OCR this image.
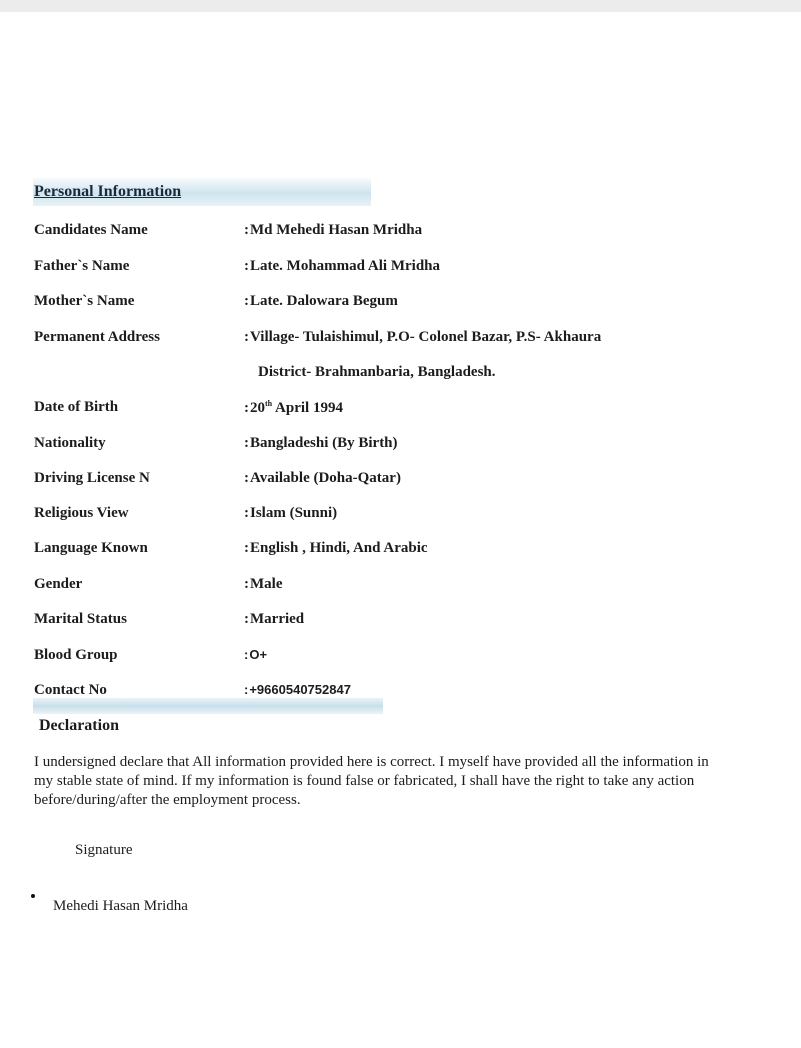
Personal Information
Candidates Name	:Md Mehedi Hasan Mridha
Father`s Name	:Late. Mohammad Ali Mridha
Mother`s Name	:Late. Dalowara Begum
Permanent Address	:Village- Tulaishimul, P.O- Colonel Bazar, P.S- Akhaura
District- Brahmanbaria, Bangladesh.
Date of Birth	:20th April 1994
Nationality	:Bangladeshi (By Birth)
Driving License N	:Available (Doha-Qatar)
Religious View	:Islam (Sunni)
Language Known	:English , Hindi, And Arabic
Gender	:Male
Marital Status	:Married
Blood Group	:O+
Contact No	:+9660540752847
Declaration
I undersigned declare that All information provided here is correct. I myself have provided all the information in my stable state of mind. If my information is found false or fabricated, I shall have the right to take any action before/during/after the employment process.
Signature
Mehedi Hasan Mridha
